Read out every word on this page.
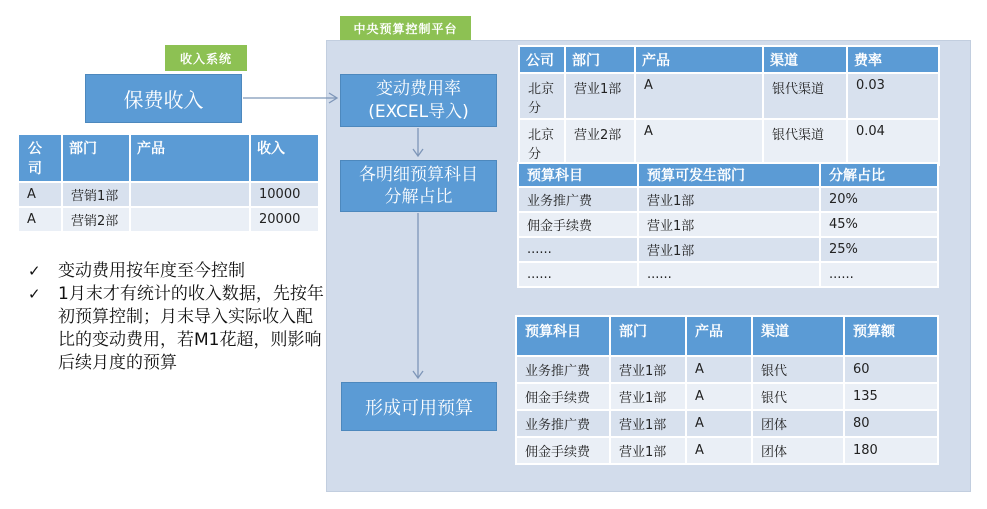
中央预算控制平台
收入系统
保费收入	变动费用率
(EXCEL导入)
各明细预算科目
分解占比
形成可用预算
✓	变动费用按年度至今控制
✓	1月末才有统计的收入数据，先按年初预算控制；月末导入实际收入配比的变动费用，若M1花超，则影响后续月度的预算
公司	部门	产品	收入
A	营销1部		10000
A	营销2部		20000
公司	部门	产品	渠道	费率
北京分	营业1部	A	银代渠道	0.03
北京分	营业2部	A	银代渠道	0.04
预算科目	预算可发生部门	分解占比
业务推广费	营业1部	20%
佣金手续费	营业1部	45%
......	营业1部	25%
......	......	......
预算科目	部门	产品	渠道	预算额
业务推广费	营业1部	A	银代	60
佣金手续费	营业1部	A	银代	135
业务推广费	营业1部	A	团体	80
佣金手续费	营业1部	A	团体	180
